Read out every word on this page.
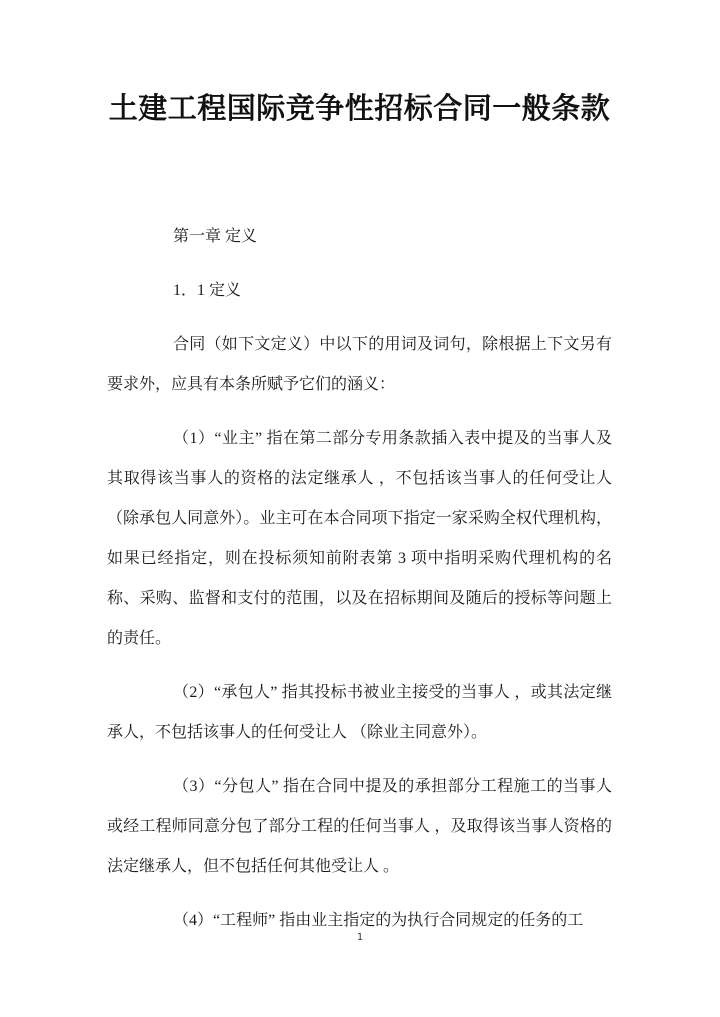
土建工程国际竞争性招标合同一般条款

第一章 定义

1．1 定义

合同（如下文定义）中以下的用词及词句，除根据上下文另有要求外，应具有本条所赋予它们的涵义：

（1）“业主” 指在第二部分专用条款插入表中提及的当事人及其取得该当事人的资格的法定继承人 ，不包括该当事人的任何受让人（除承包人同意外）。业主可在本合同项下指定一家采购全权代理机构，如果已经指定，则在投标须知前附表第 3 项中指明采购代理机构的名称、采购、监督和支付的范围，以及在招标期间及随后的授标等问题上的责任。

（2）“承包人” 指其投标书被业主接受的当事人 ，或其法定继承人，不包括该事人的任何受让人 （除业主同意外）。

（3）“分包人” 指在合同中提及的承担部分工程施工的当事人或经工程师同意分包了部分工程的任何当事人 ，及取得该当事人资格的法定继承人，但不包括任何其他受让人 。

（4）“工程师” 指由业主指定的为执行合同规定的任务的工

1
